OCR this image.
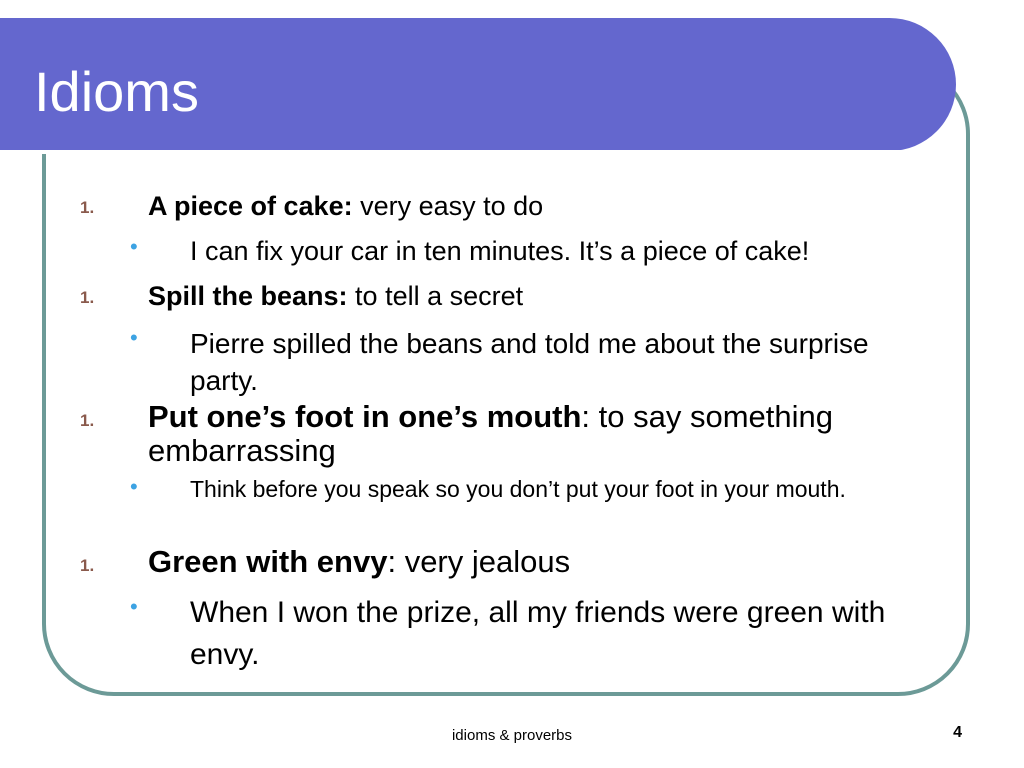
Idioms
1. A piece of cake: very easy to do

• I can fix your car in ten minutes. It’s a piece of cake!

1. Spill the beans: to tell a secret

• Pierre spilled the beans and told me about the surprise party.

1. Put one’s foot in one’s mouth: to say something embarrassing

• Think before you speak so you don’t put your foot in your mouth.

1. Green with envy: very jealous

• When I won the prize, all my friends were green with envy.

idioms & proverbs	4
